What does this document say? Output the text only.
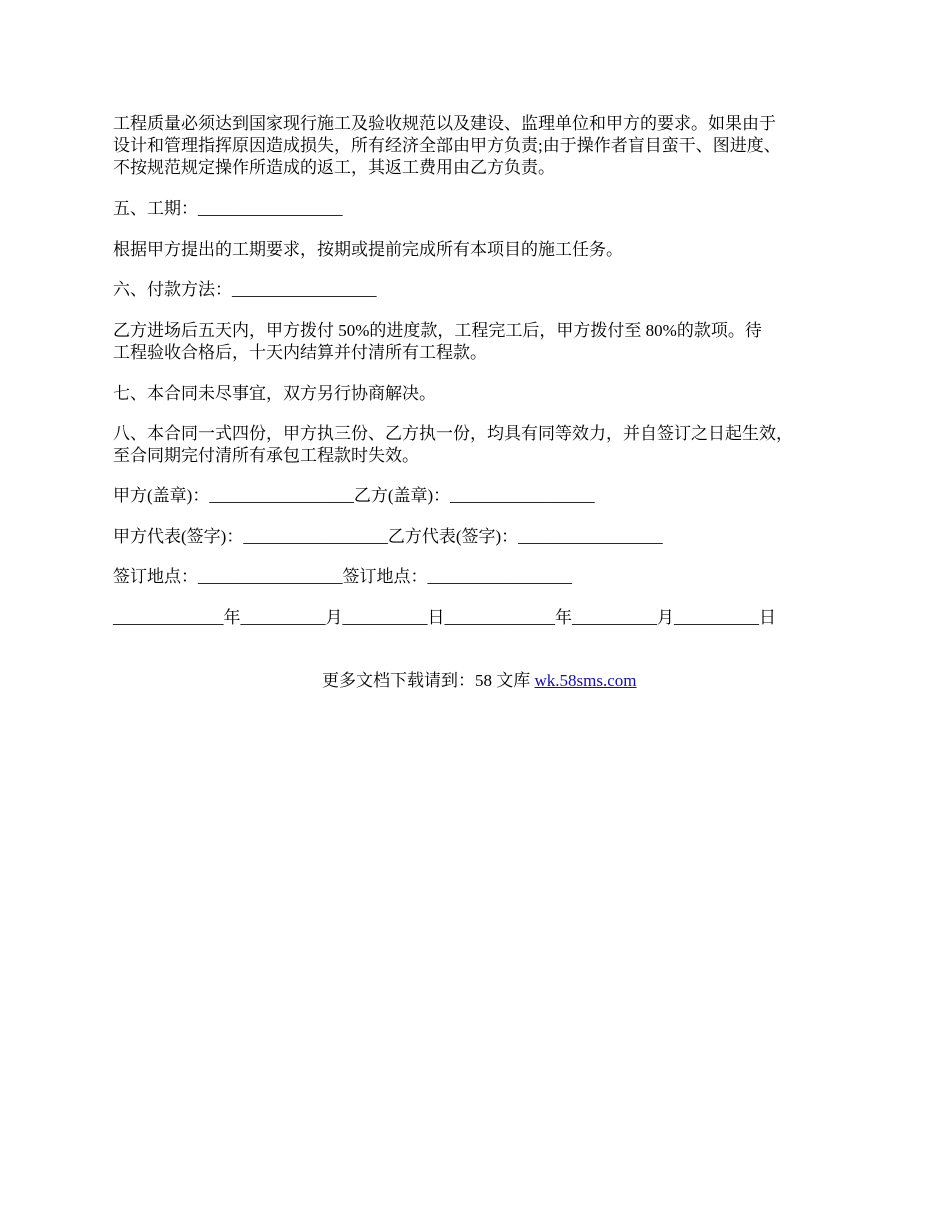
工程质量必须达到国家现行施工及验收规范以及建设、监理单位和甲方的要求。如果由于
设计和管理指挥原因造成损失，所有经济全部由甲方负责;由于操作者盲目蛮干、图进度、
不按规范规定操作所造成的返工，其返工费用由乙方负责。
五、工期：_________________
根据甲方提出的工期要求，按期或提前完成所有本项目的施工任务。
六、付款方法：_________________
乙方进场后五天内，甲方拨付 50%的进度款，工程完工后，甲方拨付至 80%的款项。待
工程验收合格后，十天内结算并付清所有工程款。
七、本合同未尽事宜，双方另行协商解决。
八、本合同一式四份，甲方执三份、乙方执一份，均具有同等效力，并自签订之日起生效，
至合同期完付清所有承包工程款时失效。
甲方(盖章)：_________________乙方(盖章)：_________________
甲方代表(签字)：_________________乙方代表(签字)：_________________
签订地点：_________________签订地点：_________________
_____________年__________月__________日_____________年__________月__________日

更多文档下载请到：58 文库 wk.58sms.com
